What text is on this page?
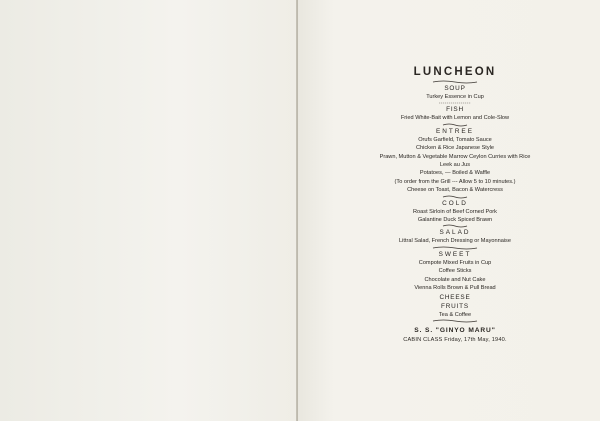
LUNCHEON
SOUP
Turkey Essence in Cup
FISH
Fried White-Bait with Lemon and Cole-Slow
ENTREE
Orufs Garfield, Tomato Sauce
Chicken & Rice Japanese Style
Prawn, Mutton & Vegetable Marrow Ceylon Curries with Rice
Leek au Jus
Potatoes, — Boiled & Waffle
(To order from the Grill --- Allow 5 to 10 minutes.)
Cheese on Toast, Bacon & Watercress
COLD
Roast Sirloin of Beef Corned Pork
Galantine Duck Spiced Brawn
SALAD
Littral Salad, French Dressing or Mayonnaise
SWEET
Compote Mixed Fruits in Cup
Coffee Sticks
Chocolate and Nut Cake
Vienna Rolls Brown & Pull Bread
CHEESE
FRUITS
Tea & Coffee
S. S. "GINYO MARU"
CABIN CLASS Friday, 17th May, 1940.
